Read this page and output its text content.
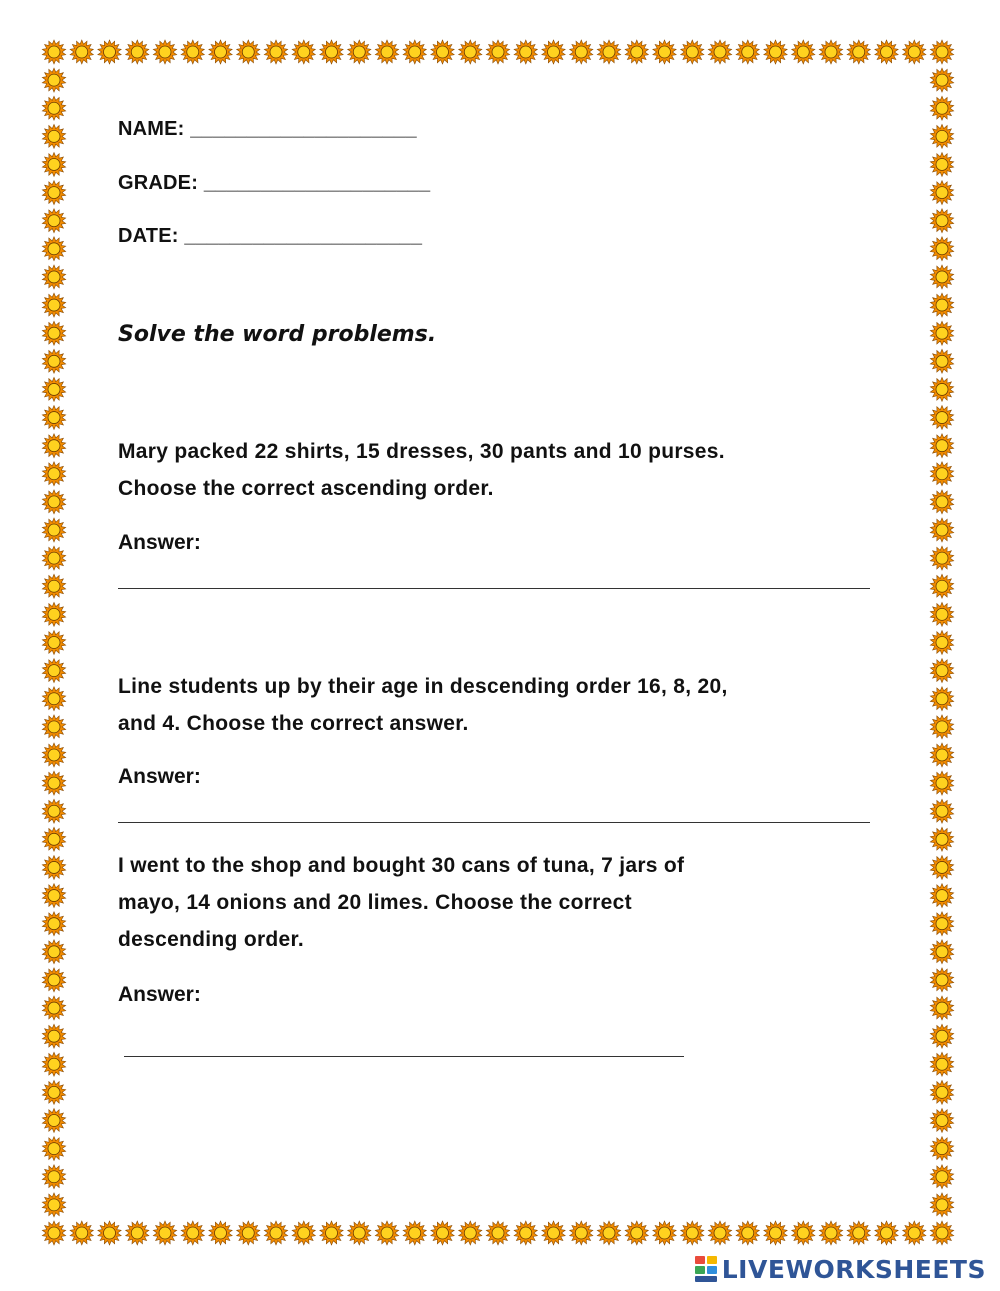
NAME: ____________________
GRADE: ____________________
DATE: _____________________
Solve the word problems.
Mary packed 22 shirts, 15 dresses, 30 pants and 10 purses.
Choose the correct ascending order.
Answer:
Line students up by their age in descending order 16, 8, 20,
and 4. Choose the correct answer.
Answer:
I went to the shop and bought 30 cans of tuna, 7 jars of
mayo, 14 onions and 20 limes. Choose the correct
descending order.
Answer:
LIVEWORKSHEETS
